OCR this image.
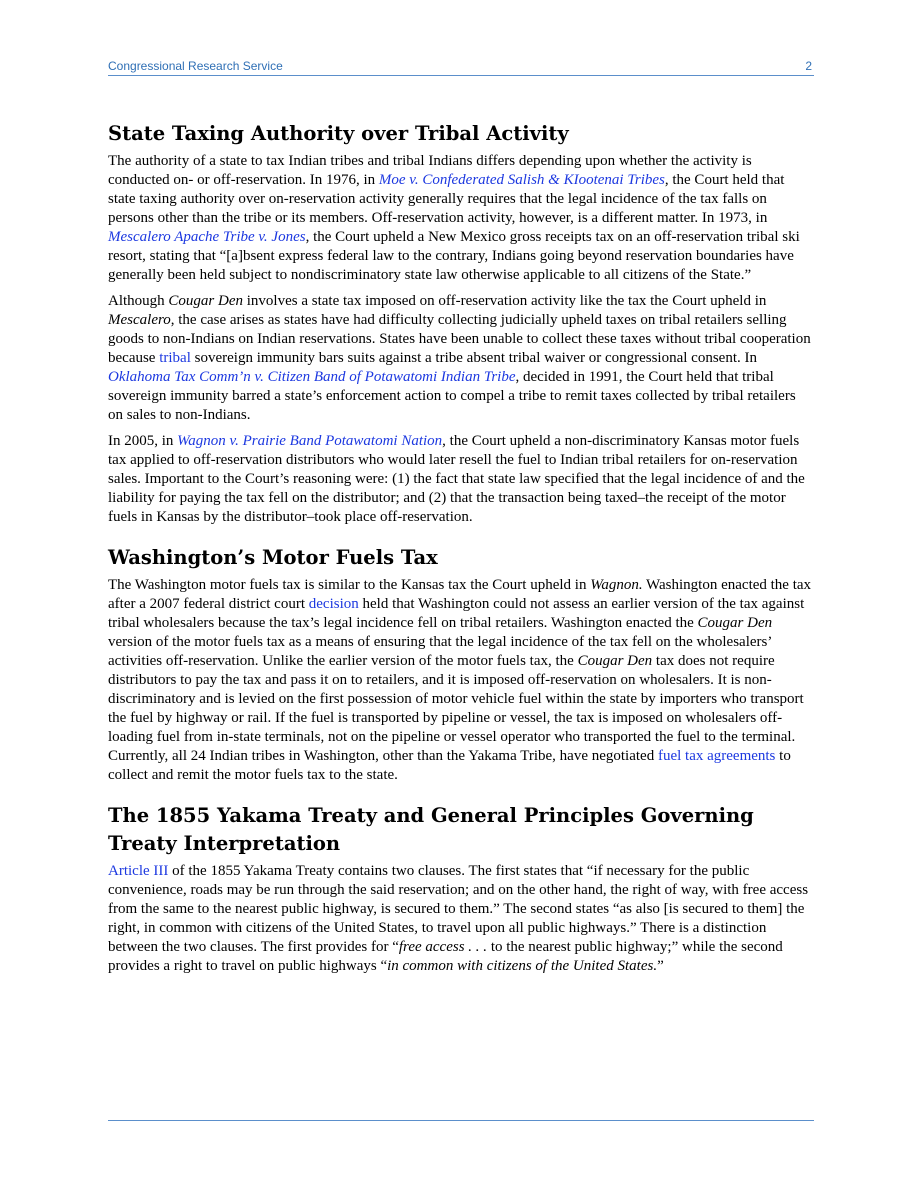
Congressional Research Service	2
State Taxing Authority over Tribal Activity

The authority of a state to tax Indian tribes and tribal Indians differs depending upon whether the activity is conducted on- or off-reservation. In 1976, in Moe v. Confederated Salish & KIootenai Tribes, the Court held that state taxing authority over on-reservation activity generally requires that the legal incidence of the tax falls on persons other than the tribe or its members. Off-reservation activity, however, is a different matter. In 1973, in Mescalero Apache Tribe v. Jones, the Court upheld a New Mexico gross receipts tax on an off-reservation tribal ski resort, stating that “[a]bsent express federal law to the contrary, Indians going beyond reservation boundaries have generally been held subject to nondiscriminatory state law otherwise applicable to all citizens of the State.”

Although Cougar Den involves a state tax imposed on off-reservation activity like the tax the Court upheld in Mescalero, the case arises as states have had difficulty collecting judicially upheld taxes on tribal retailers selling goods to non-Indians on Indian reservations. States have been unable to collect these taxes without tribal cooperation because tribal sovereign immunity bars suits against a tribe absent tribal waiver or congressional consent. In Oklahoma Tax Comm’n v. Citizen Band of Potawatomi Indian Tribe, decided in 1991, the Court held that tribal sovereign immunity barred a state’s enforcement action to compel a tribe to remit taxes collected by tribal retailers on sales to non-Indians.

In 2005, in Wagnon v. Prairie Band Potawatomi Nation, the Court upheld a non-discriminatory Kansas motor fuels tax applied to off-reservation distributors who would later resell the fuel to Indian tribal retailers for on-reservation sales. Important to the Court’s reasoning were: (1) the fact that state law specified that the legal incidence of and the liability for paying the tax fell on the distributor; and (2) that the transaction being taxed–the receipt of the motor fuels in Kansas by the distributor–took place off-reservation.

Washington’s Motor Fuels Tax

The Washington motor fuels tax is similar to the Kansas tax the Court upheld in Wagnon. Washington enacted the tax after a 2007 federal district court decision held that Washington could not assess an earlier version of the tax against tribal wholesalers because the tax’s legal incidence fell on tribal retailers. Washington enacted the Cougar Den version of the motor fuels tax as a means of ensuring that the legal incidence of the tax fell on the wholesalers’ activities off-reservation. Unlike the earlier version of the motor fuels tax, the Cougar Den tax does not require distributors to pay the tax and pass it on to retailers, and it is imposed off-reservation on wholesalers. It is non-discriminatory and is levied on the first possession of motor vehicle fuel within the state by importers who transport the fuel by highway or rail. If the fuel is transported by pipeline or vessel, the tax is imposed on wholesalers off-loading fuel from in-state terminals, not on the pipeline or vessel operator who transported the fuel to the terminal. Currently, all 24 Indian tribes in Washington, other than the Yakama Tribe, have negotiated fuel tax agreements to collect and remit the motor fuels tax to the state.

The 1855 Yakama Treaty and General Principles Governing Treaty Interpretation

Article III of the 1855 Yakama Treaty contains two clauses. The first states that “if necessary for the public convenience, roads may be run through the said reservation; and on the other hand, the right of way, with free access from the same to the nearest public highway, is secured to them.” The second states “as also [is secured to them] the right, in common with citizens of the United States, to travel upon all public highways.” There is a distinction between the two clauses. The first provides for “free access . . . to the nearest public highway;” while the second provides a right to travel on public highways “in common with citizens of the United States.”
